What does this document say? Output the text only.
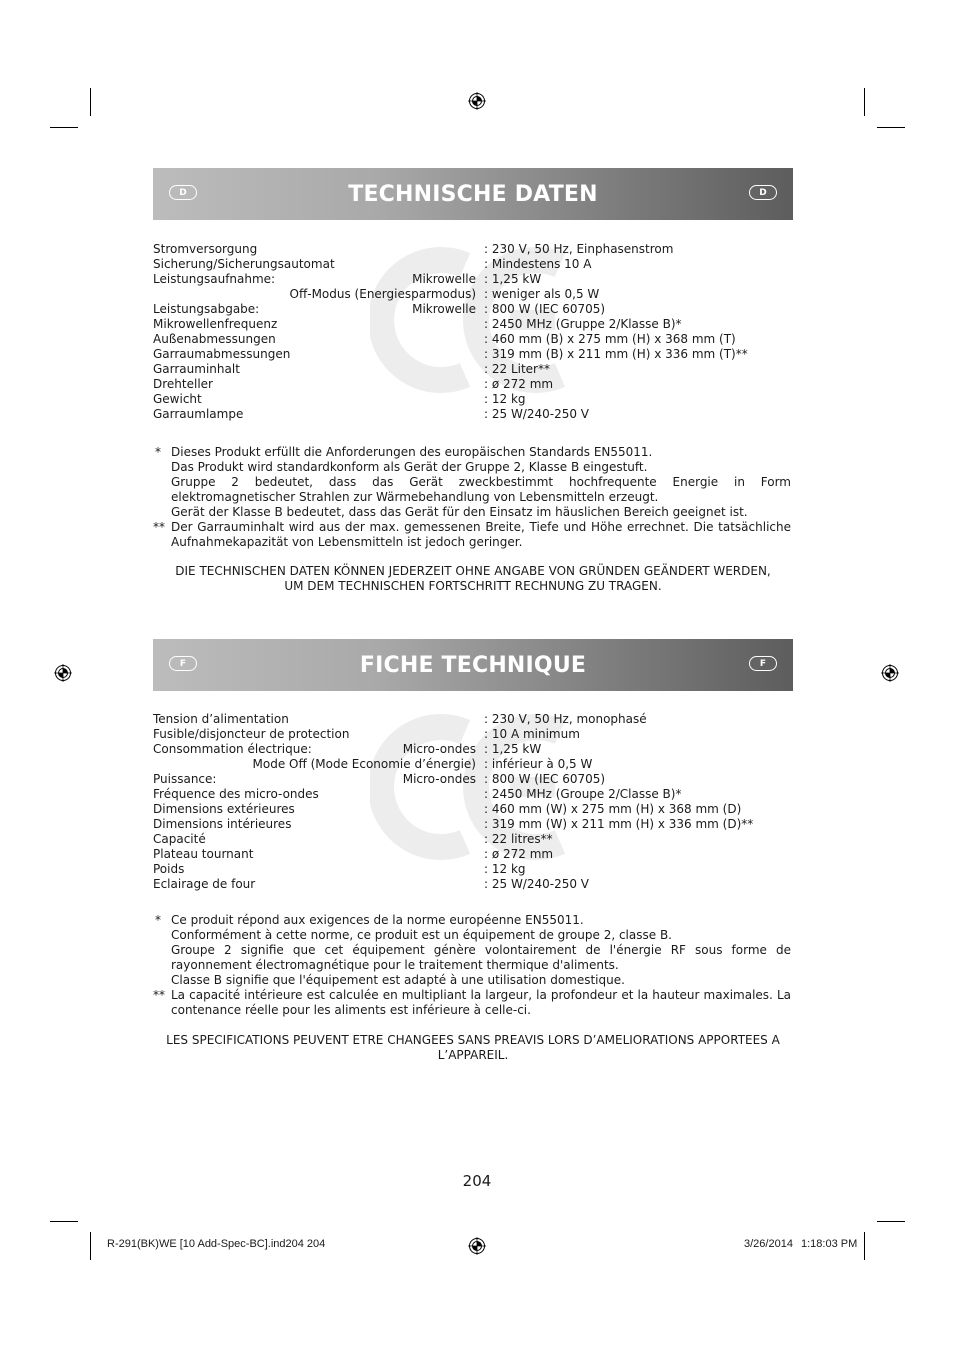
D	TECHNISCHE DATEN	D
Stromversorgung	: 230 V, 50 Hz, Einphasenstrom
Sicherung/Sicherungsautomat	: Mindestens 10 A
Leistungsaufnahme:	Mikrowelle : 1,25 kW
Off-Modus (Energiesparmodus) : weniger als 0,5 W
Leistungsabgabe:	Mikrowelle : 800 W (IEC 60705)
Mikrowellenfrequenz	: 2450 MHz (Gruppe 2/Klasse B)*
Außenabmessungen	: 460 mm (B) x 275 mm (H) x 368 mm (T)
Garraumabmessungen	: 319 mm (B) x 211 mm (H) x 336 mm (T)**
Garrauminhalt	: 22 Liter**
Drehteller	: ø 272 mm
Gewicht	: 12 kg
Garraumlampe	: 25 W/240-250 V
* Dieses Produkt erfüllt die Anforderungen des europäischen Standards EN55011.

Das Produkt wird standardkonform als Gerät der Gruppe 2, Klasse B eingestuft.

Gruppe 2 bedeutet, dass das Gerät zweckbestimmt hochfrequente Energie in Form elektromagnetischer Strahlen zur Wärmebehandlung von Lebensmitteln erzeugt.

Gerät der Klasse B bedeutet, dass das Gerät für den Einsatz im häuslichen Bereich geeignet ist.

** Der Garrauminhalt wird aus der max. gemessenen Breite, Tiefe und Höhe errechnet. Die tatsächliche Aufnahmekapazität von Lebensmitteln ist jedoch geringer.

DIE TECHNISCHEN DATEN KÖNNEN JEDERZEIT OHNE ANGABE VON GRÜNDEN GEÄNDERT WERDEN,
UM DEM TECHNISCHEN FORTSCHRITT RECHNUNG ZU TRAGEN.
F	FICHE TECHNIQUE	F
Tension d’alimentation	: 230 V, 50 Hz, monophasé
Fusible/disjoncteur de protection	: 10 A minimum
Consommation électrique:	Micro-ondes : 1,25 kW
Mode Off (Mode Economie d’énergie) : inférieur à 0,5 W
Puissance:	Micro-ondes : 800 W (IEC 60705)
Fréquence des micro-ondes	: 2450 MHz (Groupe 2/Classe B)*
Dimensions extérieures	: 460 mm (W) x 275 mm (H) x 368 mm (D)
Dimensions intérieures	: 319 mm (W) x 211 mm (H) x 336 mm (D)**
Capacité	: 22 litres**
Plateau tournant	: ø 272 mm
Poids	: 12 kg
Eclairage de four	: 25 W/240-250 V
* Ce produit répond aux exigences de la norme européenne EN55011.

Conformément à cette norme, ce produit est un équipement de groupe 2, classe B.

Groupe 2 signifie que cet équipement génère volontairement de l'énergie RF sous forme de rayonnement électromagnétique pour le traitement thermique d'aliments.

Classe B signifie que l'équipement est adapté à une utilisation domestique.

** La capacité intérieure est calculée en multipliant la largeur, la profondeur et la hauteur maximales. La contenance réelle pour les aliments est inférieure à celle-ci.

LES SPECIFICATIONS PEUVENT ETRE CHANGEES SANS PREAVIS LORS D’AMELIORATIONS APPORTEES A
L’APPAREIL.
204
R-291(BK)WE [10 Add-Spec-BC].ind204 204	3/26/2014 1:18:03 PM
